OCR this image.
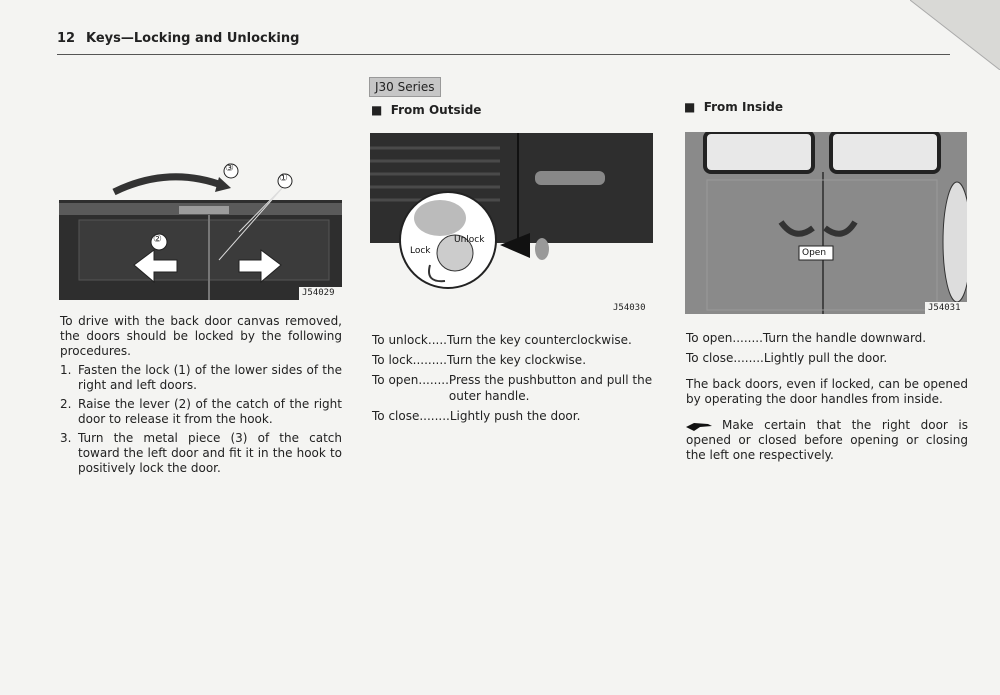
12 Keys—Locking and Unlocking
③
①
②
J54029
To drive with the back door canvas removed, the doors should be locked by the following procedures.
1. Fasten the lock (1) of the lower sides of the right and left doors.
2. Raise the lever (2) of the catch of the right door to release it from the hook.
3. Turn the metal piece (3) of the catch toward the left door and fit it in the hook to positively lock the door.
J30 Series
■  From Outside
Lock
Unlock
J54030
To unlock..... Turn the key counterclockwise.
To lock......... Turn the key clockwise.
To open........ Press the pushbutton and pull the outer handle.
To close........ Lightly push the door.
■  From Inside
Open
J54031
To open........ Turn the handle downward.
To close........ Lightly pull the door.
The back doors, even if locked, can be opened by operating the door handles from inside.
Make certain that the right door is opened or closed before opening or closing the left one respectively.
